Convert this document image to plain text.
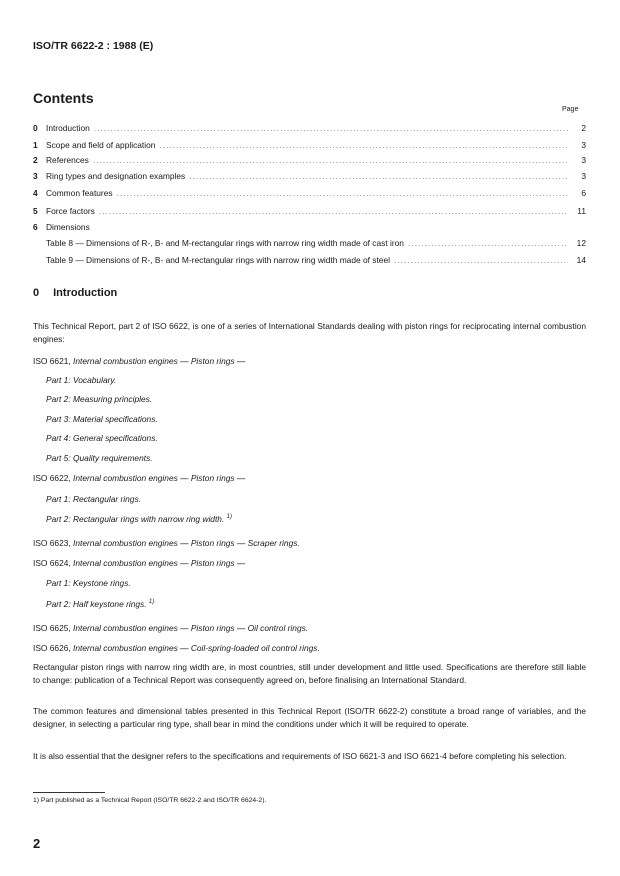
ISO/TR 6622-2 : 1988 (E)
Contents
Page
0 Introduction .....	2
1 Scope and field of application .....	3
2 References .....	3
3 Ring types and designation examples .....	3
4 Common features .....	6
5 Force factors .....	11
6 Dimensions
Table 8 — Dimensions of R-, B- and M-rectangular rings with narrow ring width made of cast iron .....	12
Table 9 — Dimensions of R-, B- and M-rectangular rings with narrow ring width made of steel .....	14
0 Introduction
This Technical Report, part 2 of ISO 6622, is one of a series of International Standards dealing with piston rings for reciprocating internal combustion engines:
ISO 6621, Internal combustion engines — Piston rings —
Part 1: Vocabulary.
Part 2: Measuring principles.
Part 3: Material specifications.
Part 4: General specifications.
Part 5: Quality requirements.
ISO 6622, Internal combustion engines — Piston rings —
Part 1: Rectangular rings.
Part 2: Rectangular rings with narrow ring width. $^{1)}$
ISO 6623, Internal combustion engines — Piston rings — Scraper rings.
ISO 6624, Internal combustion engines — Piston rings —
Part 1: Keystone rings.
Part 2: Half keystone rings. $^{1)}$
ISO 6625, Internal combustion engines — Piston rings — Oil control rings.
ISO 6626, Internal combustion engines — Coil-spring-loaded oil control rings.
Rectangular piston rings with narrow ring width are, in most countries, still under development and little used. Specifications are therefore still liable to change: publication of a Technical Report was consequently agreed on, before finalising an International Standard.
The common features and dimensional tables presented in this Technical Report (ISO/TR 6622-2) constitute a broad range of variables, and the designer, in selecting a particular ring type, shall bear in mind the conditions under which it will be required to operate.
It is also essential that the designer refers to the specifications and requirements of ISO 6621-3 and ISO 6621-4 before completing his selection.
1) Part published as a Technical Report (ISO/TR 6622-2 and ISO/TR 6624-2).
2
